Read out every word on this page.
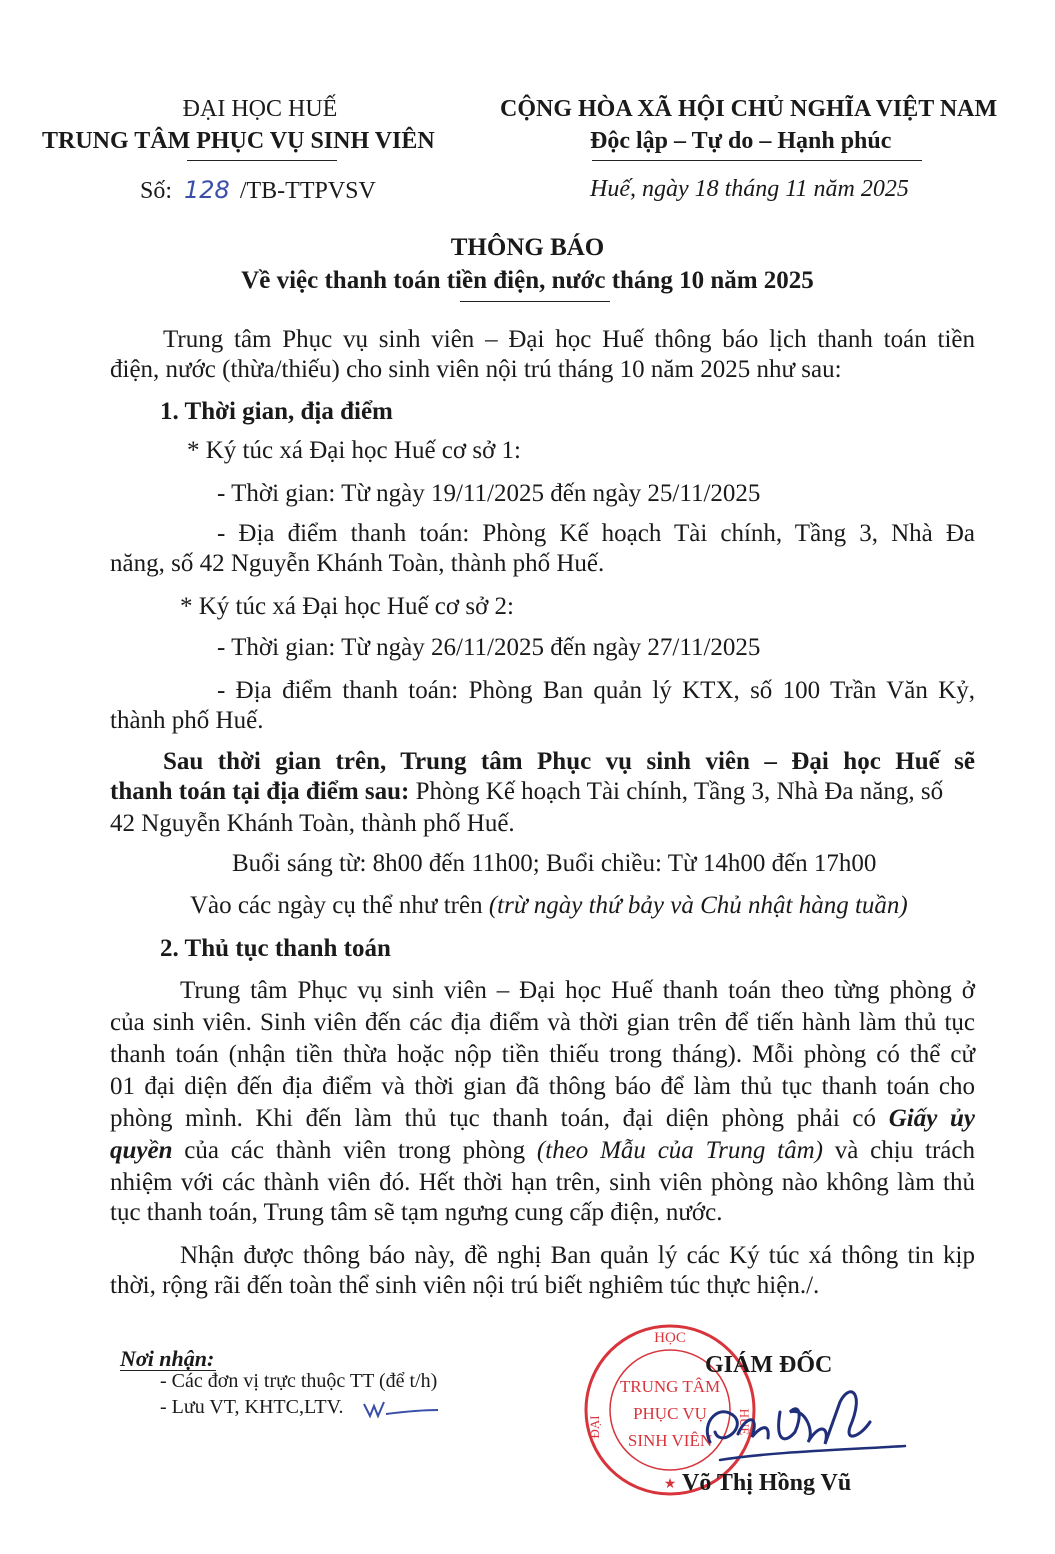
ĐẠI HỌC HUẾ
TRUNG TÂM PHỤC VỤ SINH VIÊN
CỘNG HÒA XÃ HỘI CHỦ NGHĨA VIỆT NAM
Độc lập – Tự do – Hạnh phúc
Số: 128 /TB-TTPVSV	Huế, ngày 18 tháng 11 năm 2025
THÔNG BÁO
Về việc thanh toán tiền điện, nước tháng 10 năm 2025
Trung tâm Phục vụ sinh viên – Đại học Huế thông báo lịch thanh toán tiền
điện, nước (thừa/thiếu) cho sinh viên nội trú tháng 10 năm 2025 như sau:
1. Thời gian, địa điểm
* Ký túc xá Đại học Huế cơ sở 1:
- Thời gian: Từ ngày 19/11/2025 đến ngày 25/11/2025
- Địa điểm thanh toán: Phòng Kế hoạch Tài chính, Tầng 3, Nhà Đa
năng, số 42 Nguyễn Khánh Toàn, thành phố Huế.
* Ký túc xá Đại học Huế cơ sở 2:
- Thời gian: Từ ngày 26/11/2025 đến ngày 27/11/2025
- Địa điểm thanh toán: Phòng Ban quản lý KTX, số 100 Trần Văn Kỷ,
thành phố Huế.
Sau thời gian trên, Trung tâm Phục vụ sinh viên – Đại học Huế sẽ
thanh toán tại địa điểm sau: Phòng Kế hoạch Tài chính, Tầng 3, Nhà Đa năng, số
42 Nguyễn Khánh Toàn, thành phố Huế.
Buổi sáng từ: 8h00 đến 11h00; Buổi chiều: Từ 14h00 đến 17h00
Vào các ngày cụ thể như trên (trừ ngày thứ bảy và Chủ nhật hàng tuần)
2. Thủ tục thanh toán
Trung tâm Phục vụ sinh viên – Đại học Huế thanh toán theo từng phòng ở
của sinh viên. Sinh viên đến các địa điểm và thời gian trên để tiến hành làm thủ tục
thanh toán (nhận tiền thừa hoặc nộp tiền thiếu trong tháng). Mỗi phòng có thể cử
01 đại diện đến địa điểm và thời gian đã thông báo để làm thủ tục thanh toán cho
phòng mình. Khi đến làm thủ tục thanh toán, đại diện phòng phải có Giấy ủy
quyền của các thành viên trong phòng (theo Mẫu của Trung tâm) và chịu trách
nhiệm với các thành viên đó. Hết thời hạn trên, sinh viên phòng nào không làm thủ
tục thanh toán, Trung tâm sẽ tạm ngưng cung cấp điện, nước.
Nhận được thông báo này, đề nghị Ban quản lý các Ký túc xá thông tin kịp
thời, rộng rãi đến toàn thể sinh viên nội trú biết nghiêm túc thực hiện./.
Nơi nhận:
- Các đơn vị trực thuộc TT (để t/h)
- Lưu VT, KHTC,LTV.
HỌC
ĐẠI	HUẾ
TRUNG TÂM
PHỤC VỤ
SINH VIÊN
★
GIÁM ĐỐC
Võ Thị Hồng Vũ
